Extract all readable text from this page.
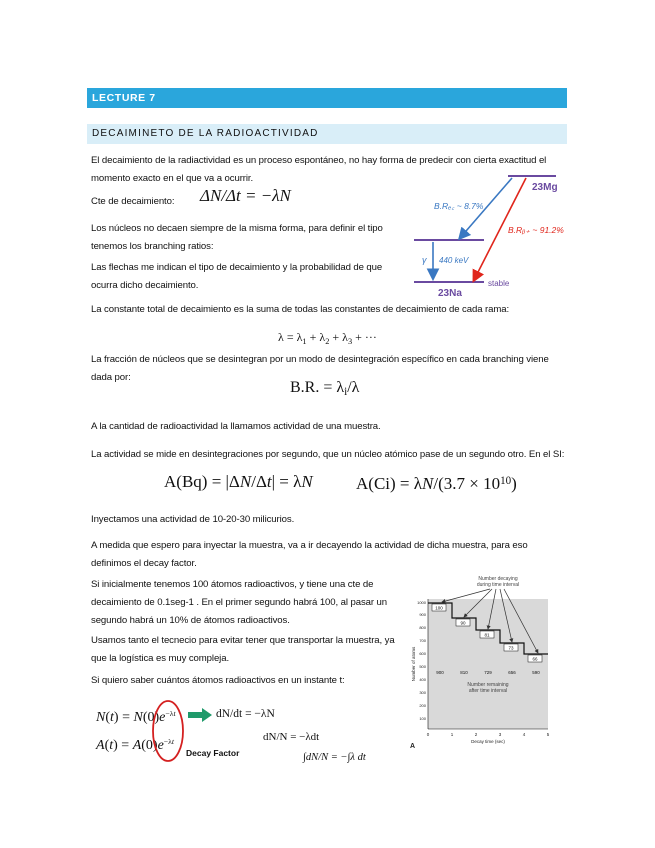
LECTURE 7
DECAIMINETO DE LA RADIOACTIVIDAD
El decaimiento de la radiactividad es un proceso espontáneo, no hay forma de predecir con cierta exactitud el momento exacto en el que va a ocurrir.
Cte de decaimiento:	ΔN/Δt = −λN
Los núcleos no decaen siempre de la misma forma, para definir el tipo tenemos los branching ratios:
Las flechas me indican el tipo de decaimiento y la probabilidad de que ocurra dicho decaimiento.
23Mg
23Na
B.Rₑ꜀ ~ 8.7%
B.Rᵦ₊ ~ 91.2%
γ 440 keV
stable
La constante total de decaimiento es la suma de todas las constantes de decaimiento de cada rama:
$\lambda = \lambda_1 + \lambda_2 + \lambda_3$ + ···
La fracción de núcleos que se desintegran por un modo de desintegración específico en cada branching viene dada por:
B.R. = $\lambda_i/\lambda$
A la cantidad de radioactividad la llamamos actividad de una muestra.
La actividad se mide en desintegraciones por segundo, que un núcleo atómico pase de un segundo otro. En el SI:
A(Bq) = |ΔN/Δt| = λN	$A(Ci) = \lambda N/(3.7 \times 10^{10})$
Inyectamos una actividad de 10-20-30 milicurios.
A medida que espero para inyectar la muestra, va a ir decayendo la actividad de dicha muestra, para eso definimos el decay factor.
Si inicialmente tenemos 100 átomos radioactivos, y tiene una cte de decaimiento de 0.1seg-1 . En el primer segundo habrá 100, al pasar un segundo habrá un 10% de átomos radioactivos.
Usamos tanto el tecnecio para evitar tener que transportar la muestra, ya que la logística es muy compleja.
Si quiero saber cuántos átomos radioactivos en un instante t:
Number decaying
during time interval
100
90
81
73
66
900	810	729	656	590
Number remaining
after time interval
1000
900
800
700
600
500
400
300
200
100
0	1	2	3	4	5
Number of atoms
Decay time (sec)
A
$N(t) = N(0)e^{-\lambda t}$
$A(t) = A(0)e^{-\lambda t}$
Decay Factor
dN/dt = −λN
dN/N = −λdt
∫dN/N = −∫λ dt
